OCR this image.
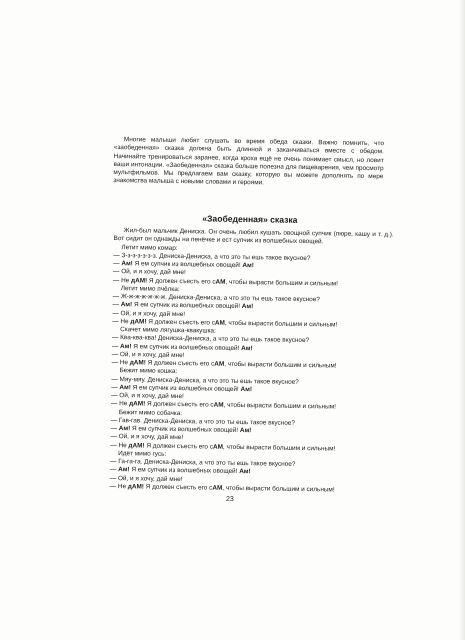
Многие малыши любят слушать во время обеда сказки. Важно помнить, что «зaобеденная» сказка должна быть длинной и заканчиваться вместе с обедом. Начинайте тренироваться заранее, когда кроха ещё не очень понимает смысл, но ловит ваши интонации. «Заобеденная» сказка больше полезна для пищеварения, чем просмотр мультфильмов. Мы предлагаем вам сказку, которую вы можете дополнять по мере знакомства малыша с новыми словами и героями.

«Заобеденная» сказка
Жил-был мальчик Дениска. Он очень любил кушать овощной супчик (пюре, кашу и т. д.). Вот сидит он однажды на пенёчке и ест супчик из волшебных овощей.
Летит мимо комар:
— З-з-з-з-з-з-з. Дениска-Дениска, а что это ты ешь такое вкусное?
— Ам! Я ем супчик из волшебных овощей! Ам!
— Ой, и я хочу, дай мне!
— Не дАМ! Я должен съесть его сАМ, чтобы вырасти большим и сильным!
Летит мимо пчёлка:
— Ж-ж-ж-ж-ж-ж-ж. Дениска-Дениска, а что это ты ешь такое вкусное?
— Ам! Я ем супчик из волшебных овощей! Ам!
— Ой, и я хочу, дай мне!
— Не дАМ! Я должен съесть его сАМ, чтобы вырасти большим и сильным!
Скачет мимо лягушка-квакушка:
— Ква-ква-ква! Дениска-Дениска, а что это ты ешь такое вкусное?
— Ам! Я ем супчик из волшебных овощей! Ам!
— Ой, и я хочу, дай мне!
— Не дАМ! Я должен съесть его сАМ, чтобы вырасти большим и сильным!
Бежит мимо кошка:
— Мяу-мяу. Дениска-Дениска, а что это ты ешь такое вкусное?
— Ам! Я ем супчик из волшебных овощей! Ам!
— Ой, и я хочу, дай мне!
— Не дАМ! Я должен съесть его сАМ, чтобы вырасти большим и сильным!
Бежит мимо собачка:
— Гав-гав. Дениска-Дениска, а что это ты ешь такое вкусное?
— Ам! Я ем супчик из волшебных овощей! Ам!
— Ой, и я хочу, дай мне!
— Не дАМ! Я должен съесть его сАМ, чтобы вырасти большим и сильным!
Идёт мимо гусь:
— Га-га-га. Дениска-Дениска, а что это ты ешь такое вкусное?
— Ам! Я ем супчик из волшебных овощей! Ам!
— Ой, и я хочу, дай мне!
— Не дАМ! Я должен съесть его сАМ, чтобы вырасти большим и сильным!
23
